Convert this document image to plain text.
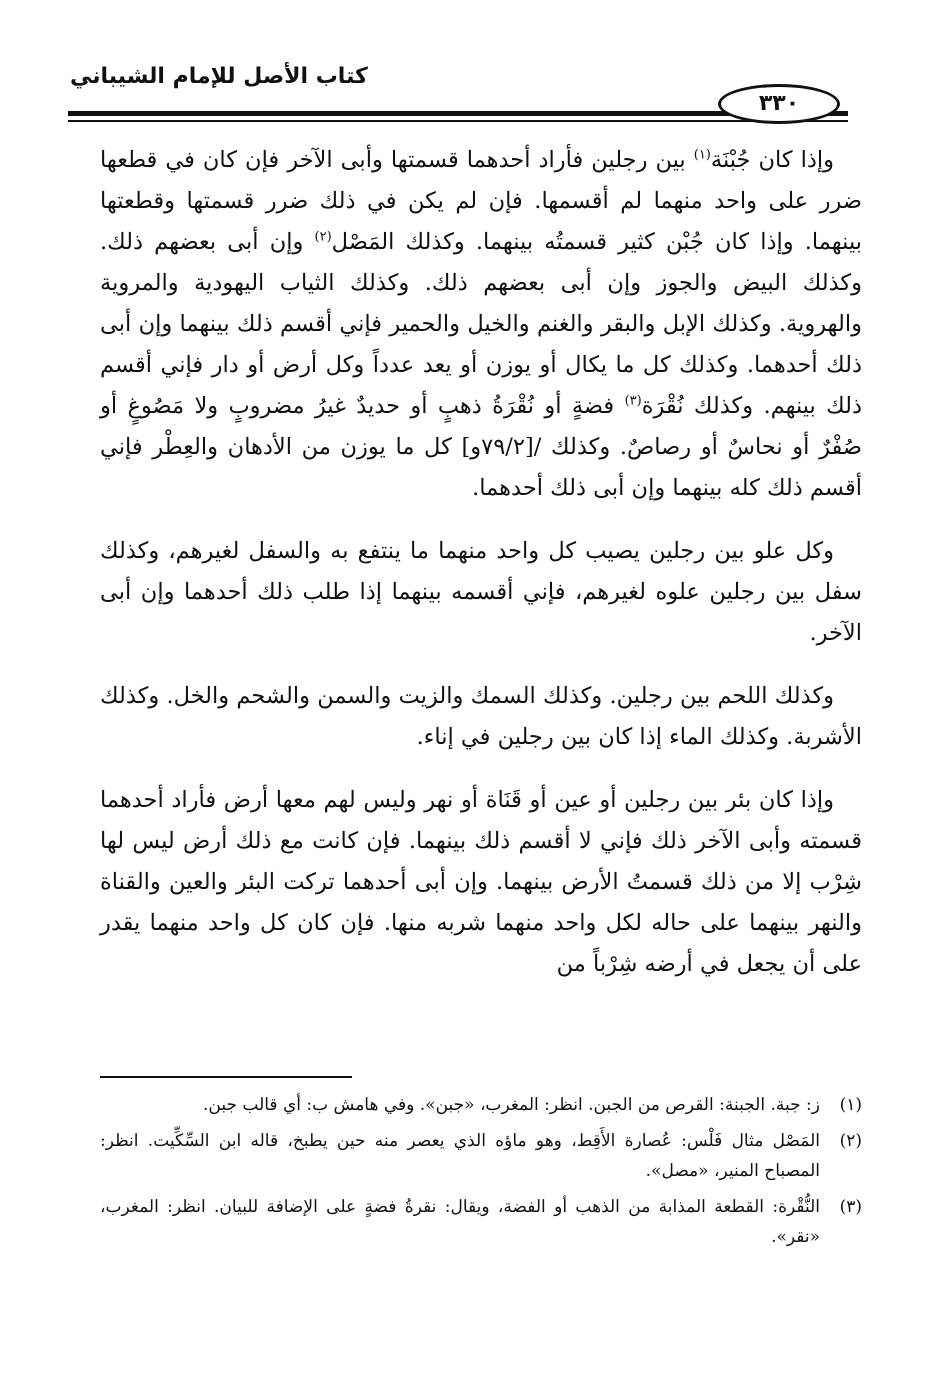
كتاب الأصل للإمام الشيباني
٣٣٠

وإذا كان جُبْنَة$^{(١)}$ بين رجلين فأراد أحدهما قسمتها وأبى الآخر فإن كان في قطعها ضرر على واحد منهما لم أقسمها. فإن لم يكن في ذلك ضرر قسمتها وقطعتها بينهما. وإذا كان جُبْن كثير قسمتُه بينهما. وكذلك المَصْل$^{(٢)}$ وإن أبى بعضهم ذلك. وكذلك البيض والجوز وإن أبى بعضهم ذلك. وكذلك الثياب اليهودية والمروية والهروية. وكذلك الإبل والبقر والغنم والخيل والحمير فإني أقسم ذلك بينهما وإن أبى ذلك أحدهما. وكذلك كل ما يكال أو يوزن أو يعد عدداً وكل أرض أو دار فإني أقسم ذلك بينهم. وكذلك نُقْرَة$^{(٣)}$ فضةٍ أو نُقْرَةُ ذهبٍ أو حديدٌ غيرُ مضروبٍ ولا مَصُوغٍ أو صُفْرٌ أو نحاسٌ أو رصاصٌ. وكذلك /[٧٩/٢و] كل ما يوزن من الأدهان والعِطْر فإني أقسم ذلك كله بينهما وإن أبى ذلك أحدهما.

وكل علو بين رجلين يصيب كل واحد منهما ما ينتفع به والسفل لغيرهم، وكذلك سفل بين رجلين علوه لغيرهم، فإني أقسمه بينهما إذا طلب ذلك أحدهما وإن أبى الآخر.

وكذلك اللحم بين رجلين. وكذلك السمك والزيت والسمن والشحم والخل. وكذلك الأشربة. وكذلك الماء إذا كان بين رجلين في إناء.

وإذا كان بئر بين رجلين أو عين أو قَنَاة أو نهر وليس لهم معها أرض فأراد أحدهما قسمته وأبى الآخر ذلك فإني لا أقسم ذلك بينهما. فإن كانت مع ذلك أرض ليس لها شِرْب إلا من ذلك قسمتُ الأرض بينهما. وإن أبى أحدهما تركت البئر والعين والقناة والنهر بينهما على حاله لكل واحد منهما شربه منها. فإن كان كل واحد منهما يقدر على أن يجعل في أرضه شِرْباً من

(١)
ز: جبة. الجبنة: القرص من الجبن. انظر: المغرب، «جبن». وفي هامش ب: أي قالب جبن.
(٢)
المَصْل مثال فَلْس: عُصارة الأَقِط، وهو ماؤه الذي يعصر منه حين يطبخ، قاله ابن السِّكِّيت. انظر: المصباح المنير، «مصل».
(٣)
النُّقْرة: القطعة المذابة من الذهب أو الفضة، ويقال: نقرةُ فضةٍ على الإضافة للبيان. انظر: المغرب، «نقر».
